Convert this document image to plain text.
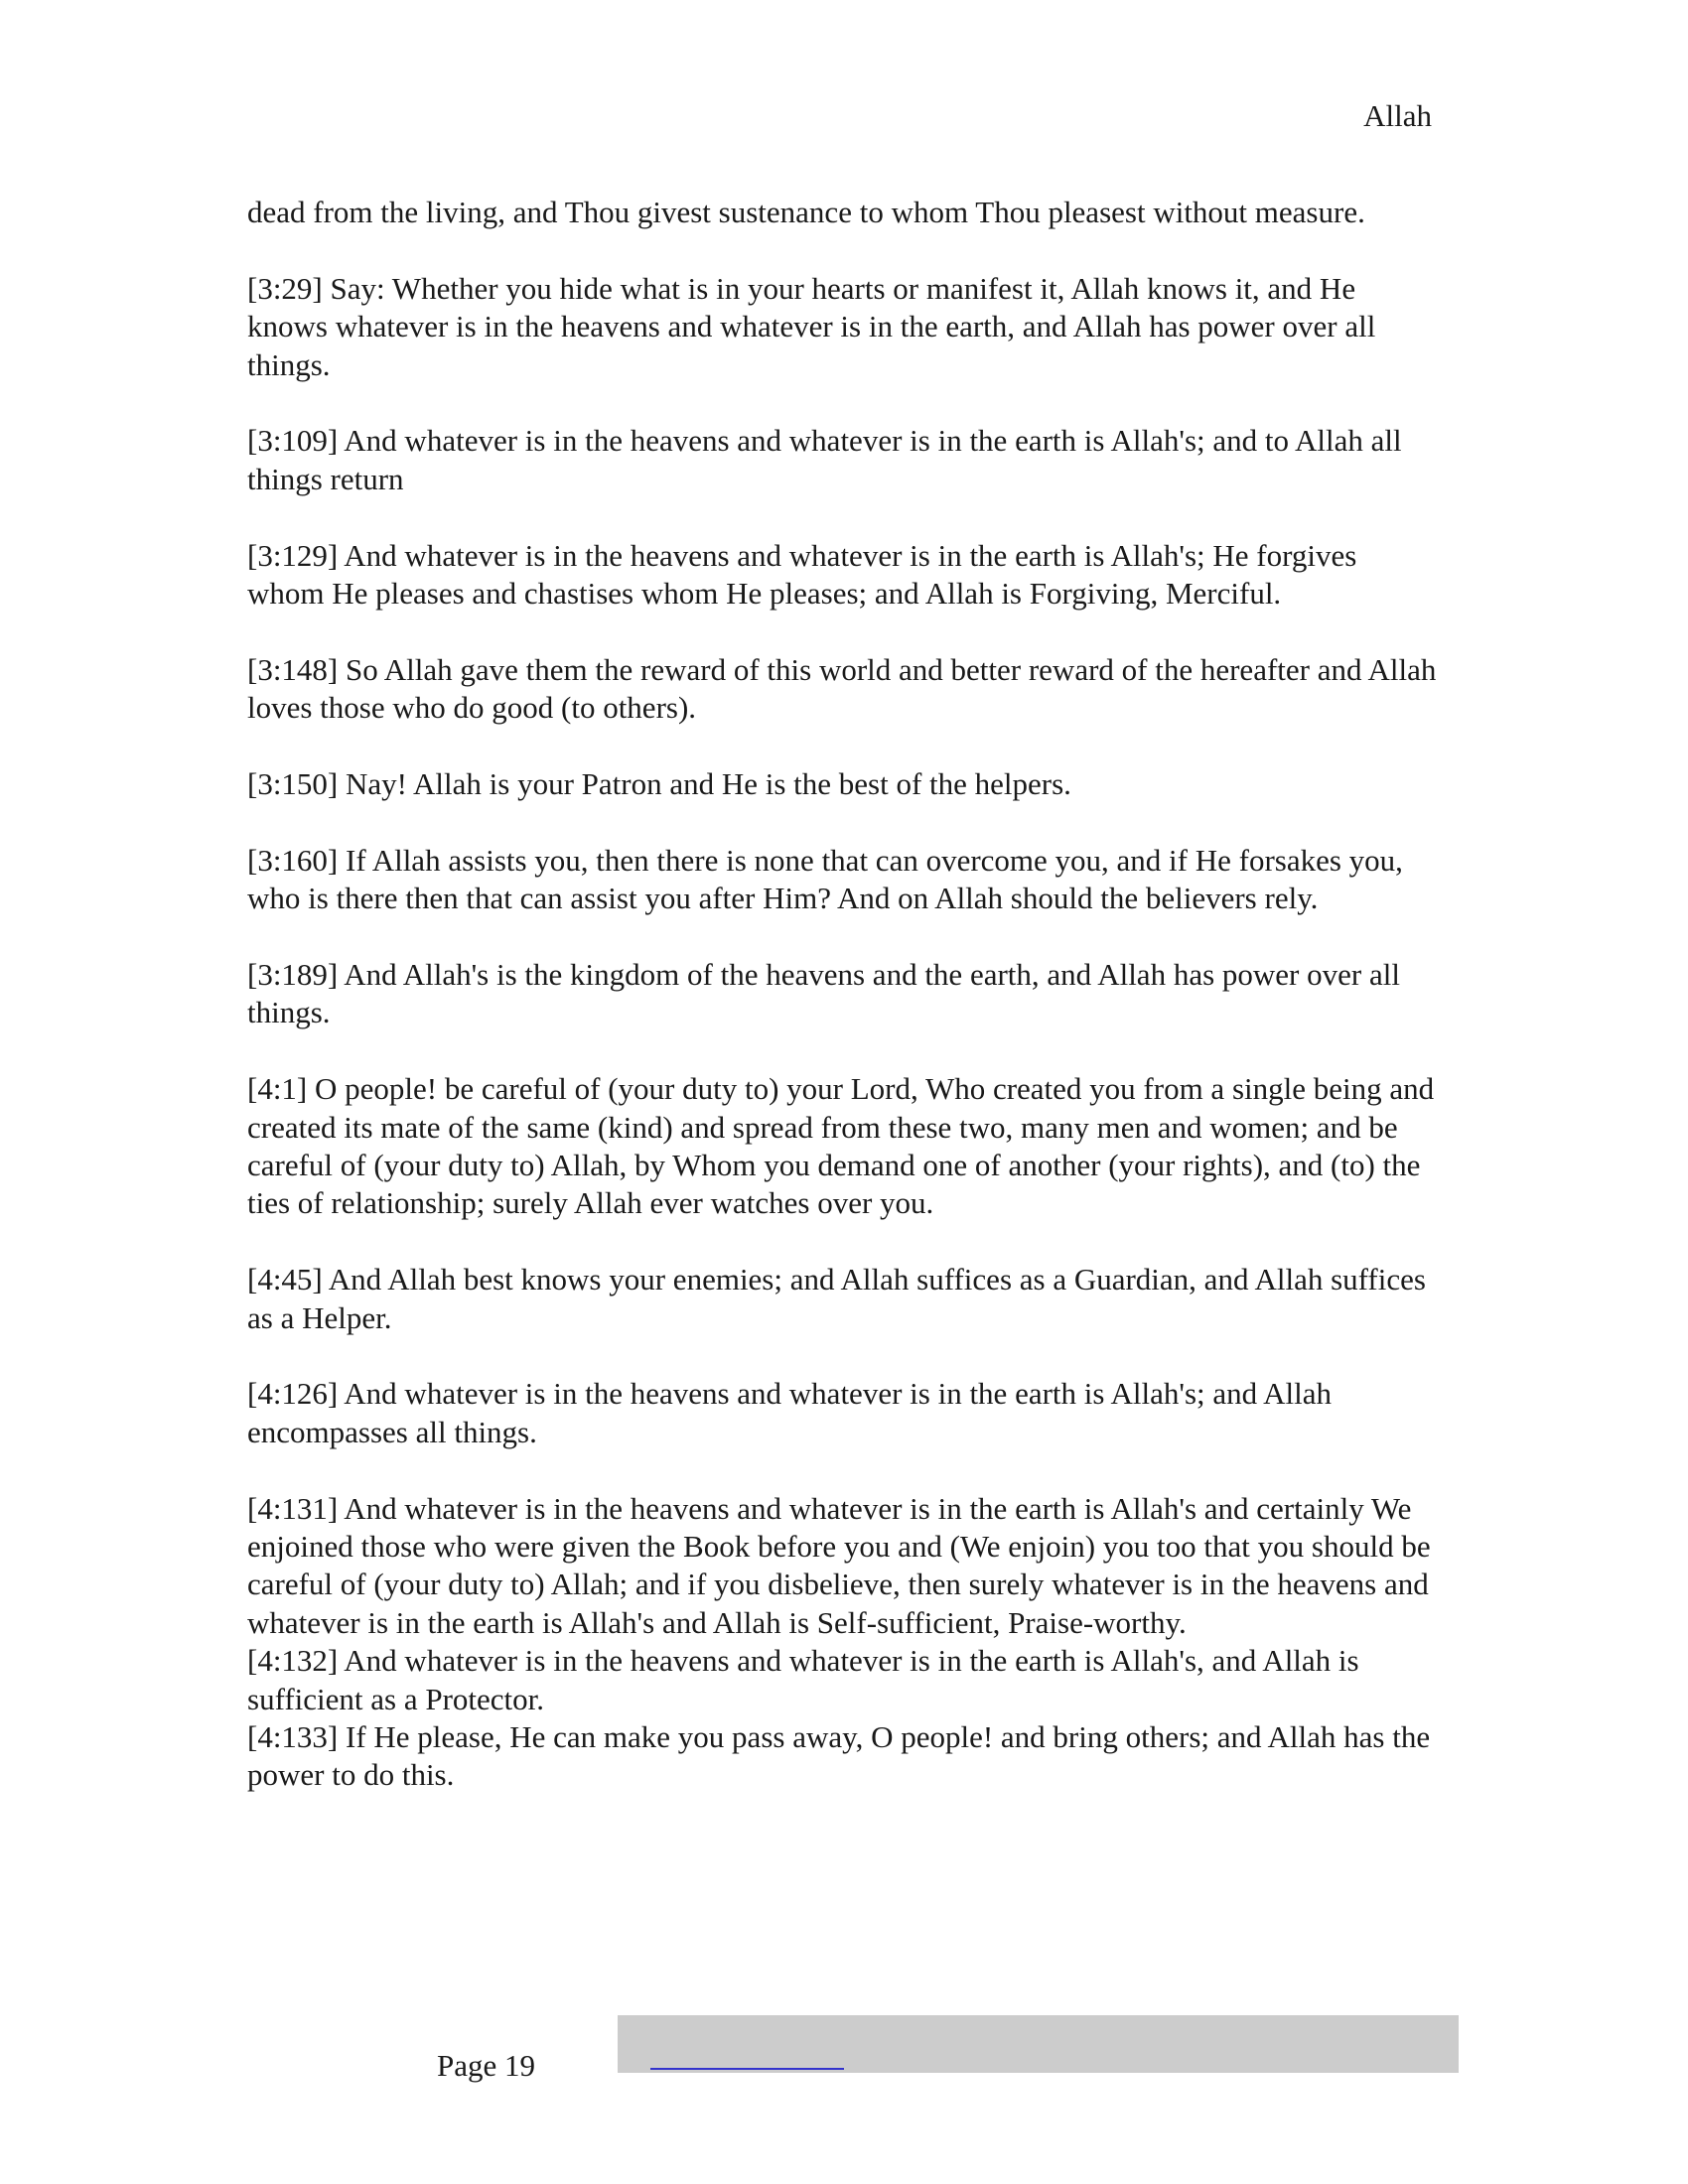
Allah

dead from the living, and Thou givest sustenance to whom Thou pleasest without measure.

[3:29] Say: Whether you hide what is in your hearts or manifest it, Allah knows it, and He knows whatever is in the heavens and whatever is in the earth, and Allah has power over all things.

[3:109] And whatever is in the heavens and whatever is in the earth is Allah's; and to Allah all things return

[3:129] And whatever is in the heavens and whatever is in the earth is Allah's; He forgives whom He pleases and chastises whom He pleases; and Allah is Forgiving, Merciful.

[3:148] So Allah gave them the reward of this world and better reward of the hereafter and Allah loves those who do good (to others).

[3:150] Nay! Allah is your Patron and He is the best of the helpers.

[3:160] If Allah assists you, then there is none that can overcome you, and if He forsakes you, who is there then that can assist you after Him? And on Allah should the believers rely.

[3:189] And Allah's is the kingdom of the heavens and the earth, and Allah has power over all things.

[4:1] O people! be careful of (your duty to) your Lord, Who created you from a single being and created its mate of the same (kind) and spread from these two, many men and women; and be careful of (your duty to) Allah, by Whom you demand one of another (your rights), and (to) the ties of relationship; surely Allah ever watches over you.

[4:45] And Allah best knows your enemies; and Allah suffices as a Guardian, and Allah suffices as a Helper.

[4:126] And whatever is in the heavens and whatever is in the earth is Allah's; and Allah encompasses all things.

[4:131] And whatever is in the heavens and whatever is in the earth is Allah's and certainly We enjoined those who were given the Book before you and (We enjoin) you too that you should be careful of (your duty to) Allah; and if you disbelieve, then surely whatever is in the heavens and whatever is in the earth is Allah's and Allah is Self-sufficient, Praise-worthy.

[4:132] And whatever is in the heavens and whatever is in the earth is Allah's, and Allah is sufficient as a Protector.

[4:133] If He please, He can make you pass away, O people! and bring others; and Allah has the power to do this.

Page 19
